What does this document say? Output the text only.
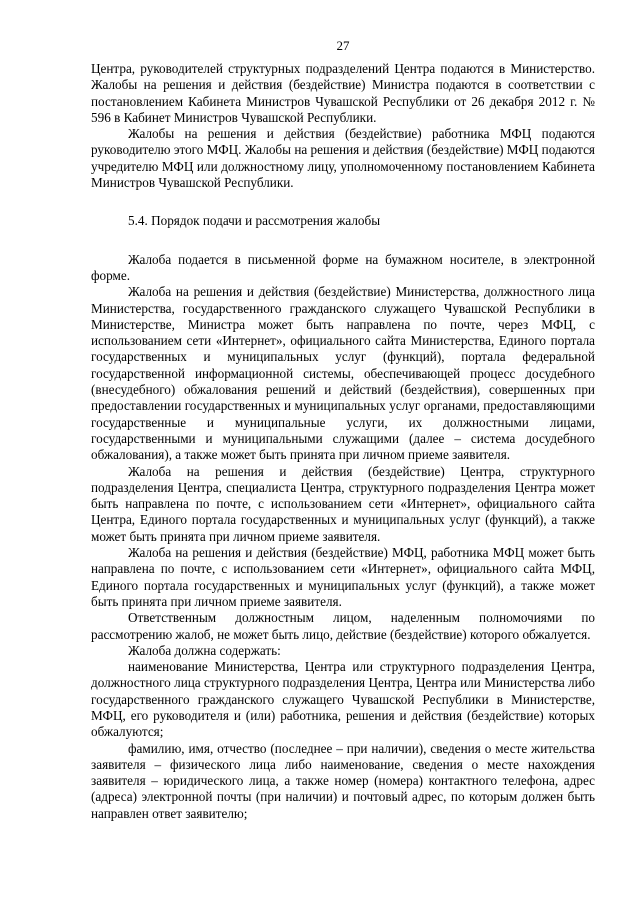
27

Центра, руководителей структурных подразделений Центра подаются в Министерство. Жалобы на решения и действия (бездействие) Министра подаются в соответствии с постановлением Кабинета Министров Чувашской Республики от 26 декабря 2012 г. № 596 в Кабинет Министров Чувашской Республики.

Жалобы на решения и действия (бездействие) работника МФЦ подаются руководителю этого МФЦ. Жалобы на решения и действия (бездействие) МФЦ подаются учредителю МФЦ или должностному лицу, уполномоченному постановлением Кабинета Министров Чувашской Республики.

5.4. Порядок подачи и рассмотрения жалобы

Жалоба подается в письменной форме на бумажном носителе, в электронной форме.

Жалоба на решения и действия (бездействие) Министерства, должностного лица Министерства, государственного гражданского служащего Чувашской Республики в Министерстве, Министра может быть направлена по почте, через МФЦ, с использованием сети «Интернет», официального сайта Министерства, Единого портала государственных и муниципальных услуг (функций), портала федеральной государственной информационной системы, обеспечивающей процесс досудебного (внесудебного) обжалования решений и действий (бездействия), совершенных при предоставлении государственных и муниципальных услуг органами, предоставляющими государственные и муниципальные услуги, их должностными лицами, государственными и муниципальными служащими (далее – система досудебного обжалования), а также может быть принята при личном приеме заявителя.

Жалоба на решения и действия (бездействие) Центра, структурного подразделения Центра, специалиста Центра, структурного подразделения Центра может быть направлена по почте, с использованием сети «Интернет», официального сайта Центра, Единого портала государственных и муниципальных услуг (функций), а также может быть принята при личном приеме заявителя.

Жалоба на решения и действия (бездействие) МФЦ, работника МФЦ может быть направлена по почте, с использованием сети «Интернет», официального сайта МФЦ, Единого портала государственных и муниципальных услуг (функций), а также может быть принята при личном приеме заявителя.

Ответственным должностным лицом, наделенным полномочиями по рассмотрению жалоб, не может быть лицо, действие (бездействие) которого обжалуется.

Жалоба должна содержать:

наименование Министерства, Центра или структурного подразделения Центра, должностного лица структурного подразделения Центра, Центра или Министерства либо государственного гражданского служащего Чувашской Республики в Министерстве, МФЦ, его руководителя и (или) работника, решения и действия (бездействие) которых обжалуются;

фамилию, имя, отчество (последнее – при наличии), сведения о месте жительства заявителя – физического лица либо наименование, сведения о месте нахождения заявителя – юридического лица, а также номер (номера) контактного телефона, адрес (адреса) электронной почты (при наличии) и почтовый адрес, по которым должен быть направлен ответ заявителю;
